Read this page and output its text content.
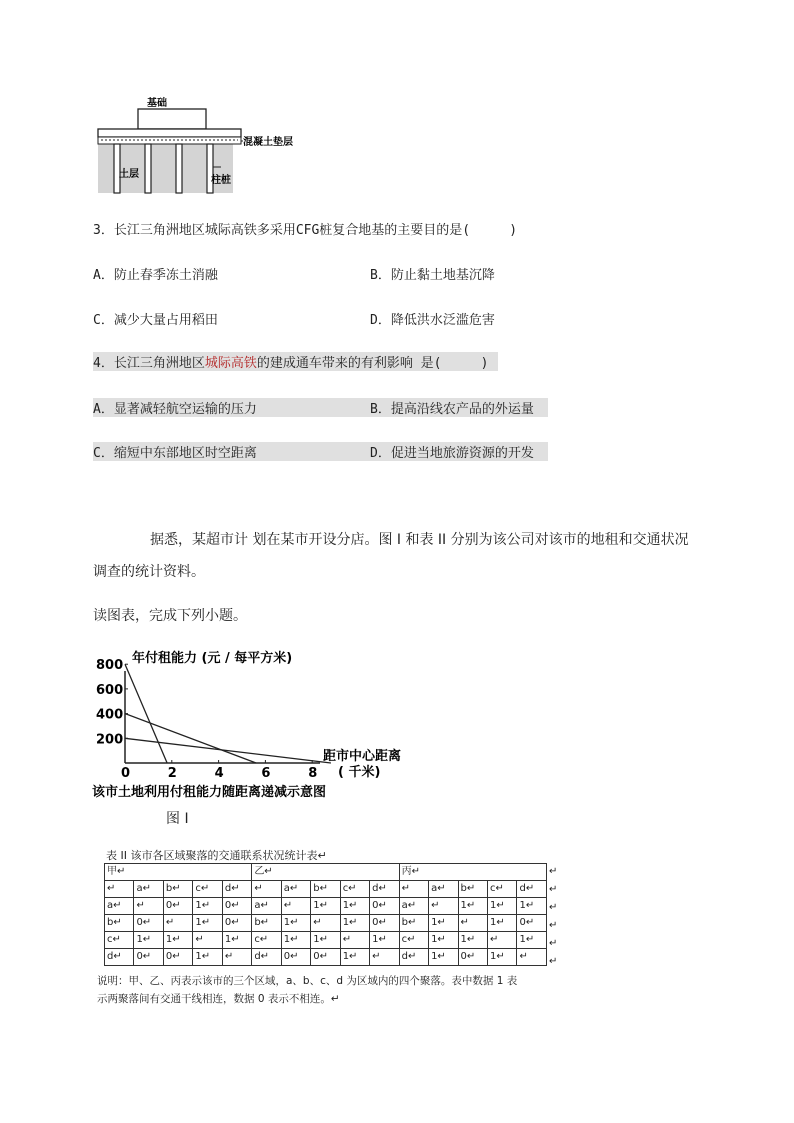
基础
混凝土垫层
土层
柱桩
3．长江三角洲地区城际高铁多采用CFG桩复合地基的主要目的是(     )
A．防止春季冻土消融	B．防止黏土地基沉降
C．减少大量占用稻田	D．降低洪水泛滥危害
4．长江三角洲地区城际高铁的建成通车带来的有利影响 是(     )
A．显著减轻航空运输的压力	B．提高沿线农产品的外运量
C．缩短中东部地区时空距离	D．促进当地旅游资源的开发
据悉，某超市计 划在某市开设分店。图 I 和表 II 分别为该公司对该市的地租和交通状况
调查的统计资料。
读图表，完成下列小题。
年付租能力 (元 / 每平方米)
0	2	4	6	8
200
400
600
800
距市中心距离
( 千米)
该市土地利用付租能力随距离递减示意图
图 I
表 II 该市各区域聚落的交通联系状况统计表↵
甲↵					乙↵					丙↵				
↵	a↵	b↵	c↵	d↵	↵	a↵	b↵	c↵	d↵	↵	a↵	b↵	c↵	d↵
a↵	↵	0↵	1↵	0↵	a↵	↵	1↵	1↵	0↵	a↵	↵	1↵	1↵	1↵
b↵	0↵	↵	1↵	0↵	b↵	1↵	↵	1↵	0↵	b↵	1↵	↵	1↵	0↵
c↵	1↵	1↵	↵	1↵	c↵	1↵	1↵	↵	1↵	c↵	1↵	1↵	↵	1↵
d↵	0↵	0↵	1↵	↵	d↵	0↵	0↵	1↵	↵	d↵	1↵	0↵	1↵	↵
说明：甲、乙、丙表示该市的三个区域，a、b、c、d 为区域内的四个聚落。表中数据 1 表
示两聚落间有交通干线相连，数据 0 表示不相连。↵
↵
↵
↵
↵
↵
↵
